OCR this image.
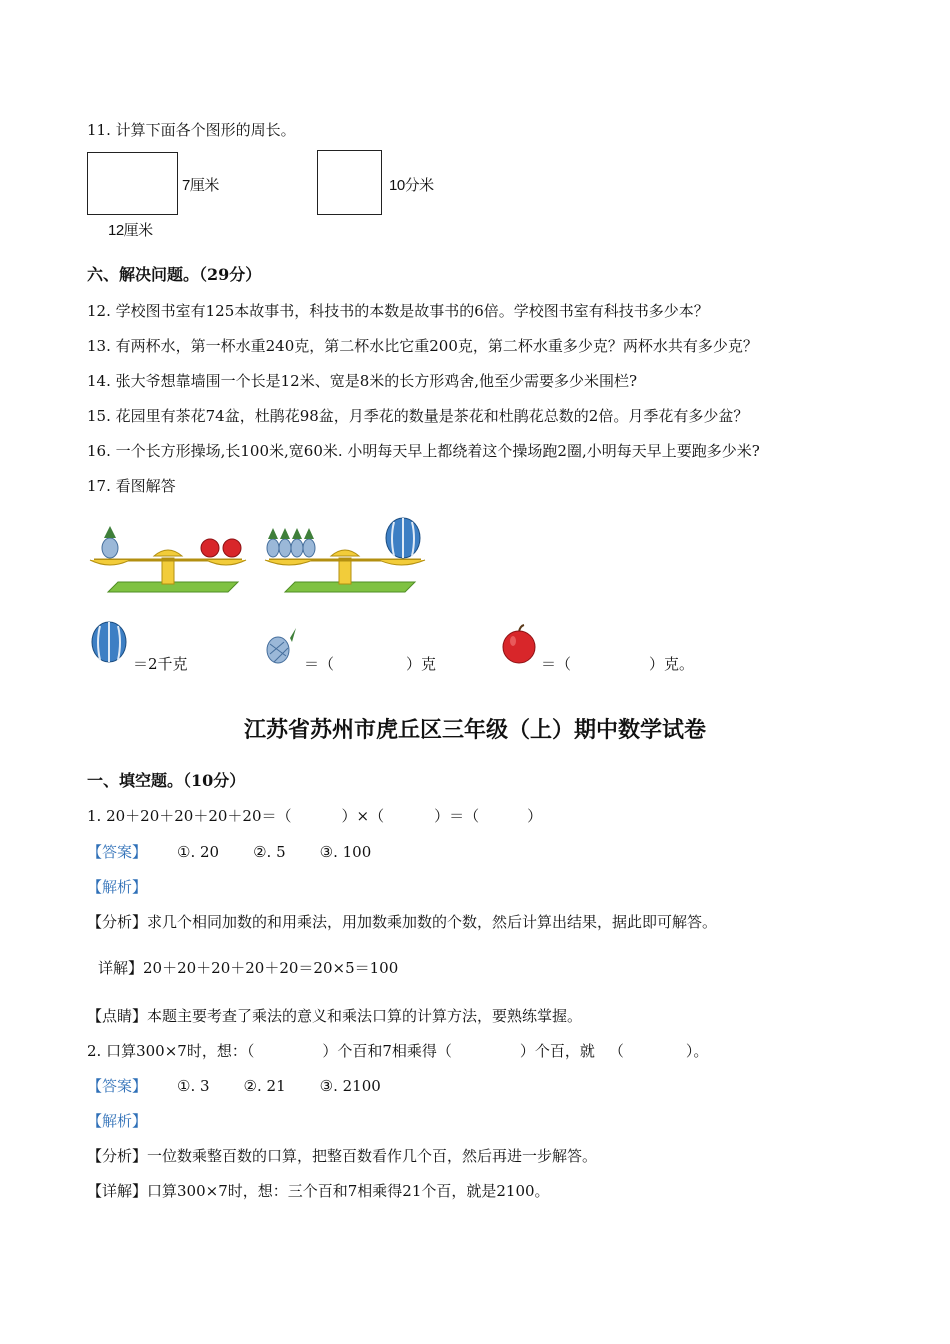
11. 计算下面各个图形的周长。
7厘米
12厘米
10分米
六、解决问题。（29分）
12. 学校图书室有125本故事书，科技书的本数是故事书的6倍。学校图书室有科技书多少本？
13. 有两杯水，第一杯水重240克，第二杯水比它重200克，第二杯水重多少克？两杯水共有多少克？
14. 张大爷想靠墙围一个长是12米、宽是8米的长方形鸡舍,他至少需要多少米围栏?
15. 花园里有茶花74盆，杜鹃花98盆，月季花的数量是茶花和杜鹃花总数的2倍。月季花有多少盆？
16. 一个长方形操场,长100米,宽60米. 小明每天早上都绕着这个操场跑2圈,小明每天早上要跑多少米?
17. 看图解答
＝2千克	＝（	）克	＝（	）克。
江苏省苏州市虎丘区三年级（上）期中数学试卷
一、填空题。（10分）
1. 20＋20＋20＋20＋20＝（	）×（	）＝（	）
【答案】 ①. 20 ②. 5 ③. 100
【解析】
【分析】求几个相同加数的和用乘法，用加数乘加数的个数，然后计算出结果，据此即可解答。
详解】20＋20＋20＋20＋20＝20×5＝100
【点睛】本题主要考查了乘法的意义和乘法口算的计算方法，要熟练掌握。
2. 口算300×7时，想：（	）个百和7相乘得（	）个百，就 （	）。
【答案】 ①. 3 ②. 21 ③. 2100
【解析】
【分析】一位数乘整百数的口算，把整百数看作几个百，然后再进一步解答。
【详解】口算300×7时，想：三个百和7相乘得21个百，就是2100。
